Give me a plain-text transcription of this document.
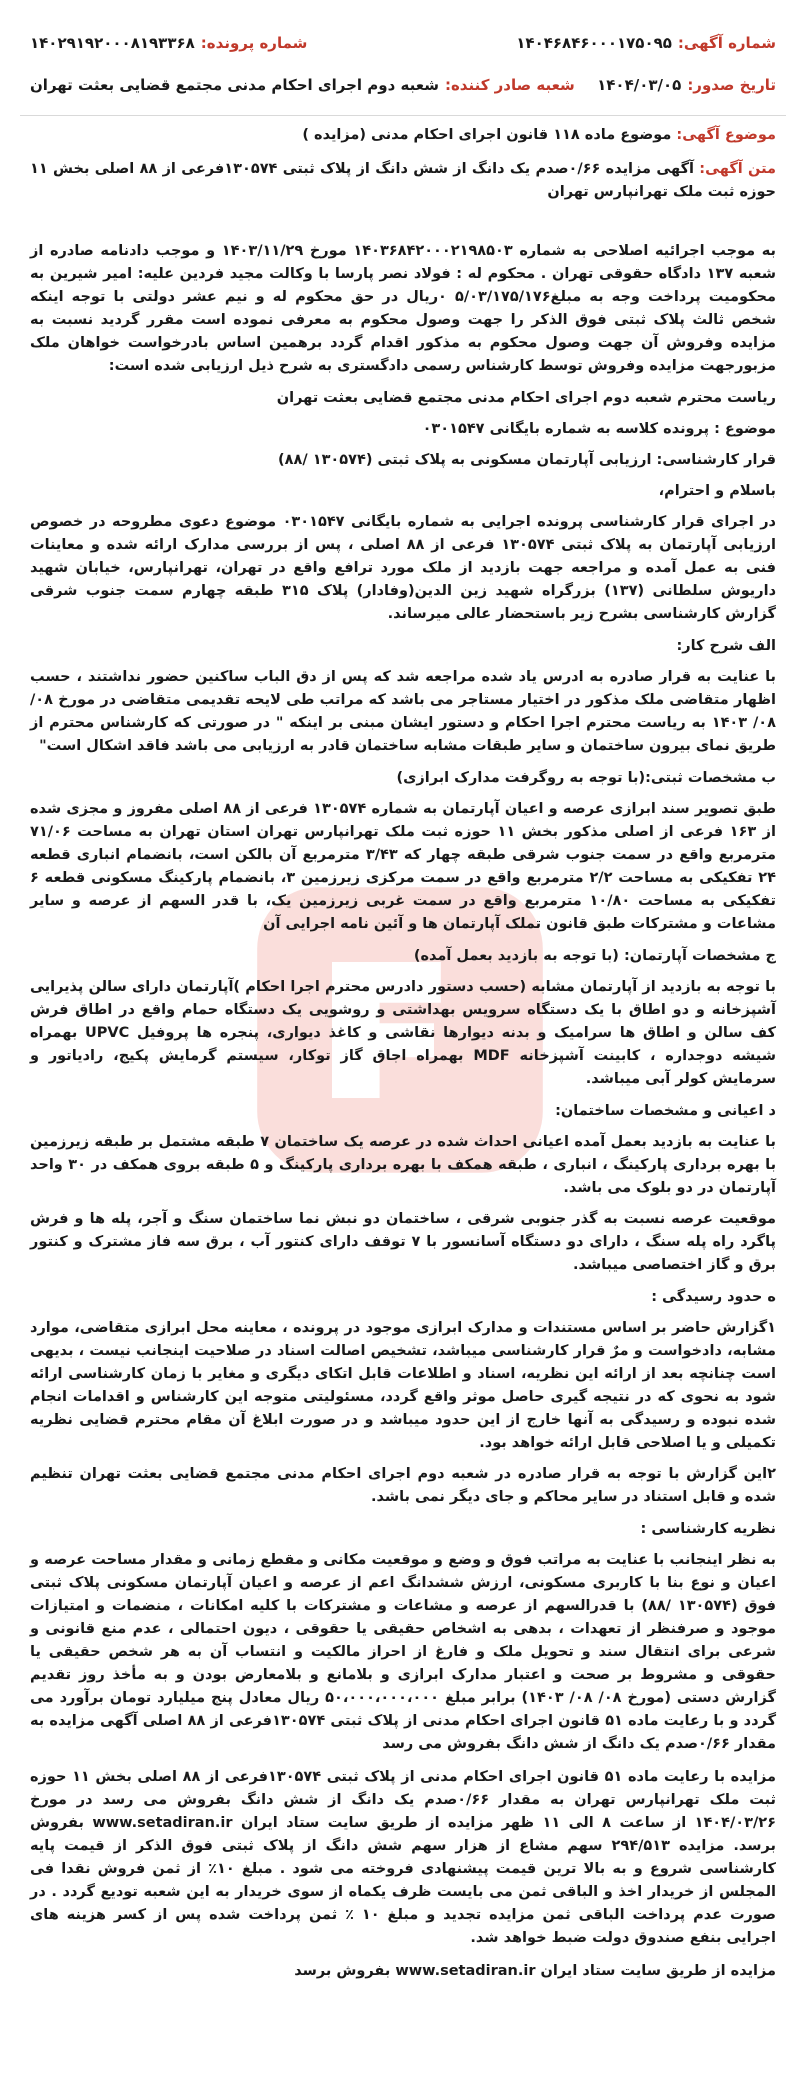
شماره آگهی:۱۴۰۴۶۸۴۶۰۰۰۱۷۵۰۹۵
شماره پرونده:۱۴۰۲۹۱۹۲۰۰۰۸۱۹۳۳۶۸
تاریخ صدور:۱۴۰۴/۰۳/۰۵
شعبه صادر کننده:شعبه دوم اجرای احکام مدنی مجتمع قضایی بعثت تهران
موضوع آگهی: موضوع ماده ۱۱۸ قانون اجرای احکام مدنی (مزایده )
متن آگهی: آگهی مزایده ۰/۶۶صدم یک دانگ از شش دانگ از پلاک ثبتی ۱۳۰۵۷۴فرعی از ۸۸ اصلی بخش ۱۱ حوزه ثبت ملک تهرانپارس تهران
به موجب اجرائیه اصلاحی به شماره ۱۴۰۳۶۸۴۲۰۰۰۲۱۹۸۵۰۳ مورخ ۱۴۰۳/۱۱/۲۹ و موجب دادنامه صادره از شعبه ۱۳۷ دادگاه حقوقی تهران . محکوم له : فولاد نصر پارسا با وکالت مجید فردین علیه: امیر شیرین به محکومیت پرداخت وجه به مبلغ۵/۰۳/۱۷۵/۱۷۶ ۰ریال در حق محکوم له و نیم عشر دولتی با توجه اینکه شخص ثالث پلاک ثبتی فوق الذکر را جهت وصول محکوم به معرفی نموده است مقرر گردید نسبت به مزایده وفروش آن جهت وصول محکوم به مذکور اقدام گردد برهمین اساس بادرخواست خواهان ملک مزبورجهت مزایده وفروش توسط کارشناس رسمی دادگستری به شرح ذیل ارزیابی شده است:
ریاست محترم شعبه دوم اجرای احکام مدنی مجتمع قضایی بعثت تهران
موضوع : پرونده کلاسه به شماره بایگانی ۰۳۰۱۵۴۷
قرار کارشناسی: ارزیابی آپارتمان مسکونی به پلاک ثبتی (۱۳۰۵۷۴ /۸۸)
باسلام و احترام،
در اجرای قرار کارشناسی پرونده اجرایی به شماره بایگانی ۰۳۰۱۵۴۷ موضوع دعوی مطروحه در خصوص ارزیابی آپارتمان به پلاک ثبتی ۱۳۰۵۷۴ فرعی از ۸۸ اصلی ، پس از بررسی مدارک ارائه شده و معاینات فنی به عمل آمده و مراجعه جهت بازدید از ملک مورد ترافع واقع در تهران، تهرانپارس، خیابان شهید داریوش سلطانی (۱۳۷) بزرگراه شهید زین الدین(وفادار) پلاک ۳۱۵ طبقه چهارم سمت جنوب شرقی گزارش کارشناسی بشرح زیر باستحضار عالی میرساند.
الف شرح کار:
با عنایت به قرار صادره به ادرس یاد شده مراجعه شد که پس از دق الباب ساکنین حضور نداشتند ، حسب اظهار متقاضی ملک مذکور در اختیار مستاجر می باشد که مراتب طی لایحه تقدیمی متقاضی در مورخ ۰۸/ ۰۸/ ۱۴۰۳ به ریاست محترم اجرا احکام و دستور ایشان مبنی بر اینکه " در صورتی که کارشناس محترم از طریق نمای بیرون ساختمان و سایر طبقات مشابه ساختمان قادر به ارزیابی می باشد فاقد اشکال است"
ب مشخصات ثبتی:(با توجه به روگرفت مدارک ابرازی)
طبق تصویر سند ابرازی عرصه و اعیان آپارتمان به شماره ۱۳۰۵۷۴ فرعی از ۸۸ اصلی مفروز و مجزی شده از ۱۶۳ فرعی از اصلی مذکور بخش ۱۱ حوزه ثبت ملک تهرانپارس تهران استان تهران به مساحت ۷۱/۰۶ مترمربع واقع در سمت جنوب شرقی طبقه چهار که ۳/۴۳ مترمربع آن بالکن است، بانضمام انباری قطعه ۲۴ تفکیکی به مساحت ۲/۲ مترمربع واقع در سمت مرکزی زیرزمین ۳، بانضمام پارکینگ مسکونی قطعه ۶ تفکیکی به مساحت ۱۰/۸۰ مترمربع واقع در سمت غربی زیرزمین یک، با قدر السهم از عرصه و سایر مشاعات و مشترکات طبق قانون تملک آپارتمان ها و آئین نامه اجرایی آن
ج مشخصات آپارتمان: (با توجه به بازدید بعمل آمده)
با توجه به بازدید از آپارتمان مشابه (حسب دستور دادرس محترم اجرا احکام )آپارتمان دارای سالن پذیرایی آشپزخانه و دو اطاق با یک دستگاه سرویس بهداشتی و روشویی یک دستگاه حمام واقع در اطاق فرش کف سالن و اطاق ها سرامیک و بدنه دیوارها نقاشی و کاغذ دیواری، پنجره ها پروفیل UPVC بهمراه شیشه دوجداره ، کابینت آشپزخانه MDF بهمراه اجاق گاز توکار، سیستم گرمایش پکیج، رادیاتور و سرمایش کولر آبی میباشد.
د اعیانی و مشخصات ساختمان:
با عنایت به بازدید بعمل آمده اعیانی احداث شده در عرصه یک ساختمان ۷ طبقه مشتمل بر طبقه زیرزمین با بهره برداری پارکینگ ، انباری ، طبقه همکف با بهره برداری پارکینگ و ۵ طبقه بروی همکف در ۳۰ واحد آپارتمان در دو بلوک می باشد.
موقعیت عرصه نسبت به گذر جنوبی شرقی ، ساختمان دو نبش نما ساختمان سنگ و آجر، پله ها و فرش پاگرد راه پله سنگ ، دارای دو دستگاه آسانسور با ۷ توقف دارای کنتور آب ، برق سه فاز مشترک و کنتور برق و گاز اختصاصی میباشد.
ه حدود رسیدگی :
۱گزارش حاضر بر اساس مستندات و مدارک ابرازی موجود در پرونده ، معاینه محل ابرازی متقاضی، موارد مشابه، دادخواست و مرٌ قرار کارشناسی میباشد، تشخیص اصالت اسناد در صلاحیت اینجانب نیست ، بدیهی است چنانچه بعد از ارائه این نظریه، اسناد و اطلاعات قابل اتکای دیگری و مغایر با زمان کارشناسی ارائه شود به نحوی که در نتیجه گیری حاصل موثر واقع گردد، مسئولیتی متوجه این کارشناس و اقدامات انجام شده نبوده و رسیدگی به آنها خارج از این حدود میباشد و در صورت ابلاغ آن مقام محترم قضایی نظریه تکمیلی و یا اصلاحی قابل ارائه خواهد بود.
۲این گزارش با توجه به قرار صادره در شعبه دوم اجرای احکام مدنی مجتمع قضایی بعثت تهران تنظیم شده و قابل استناد در سایر محاکم و جای دیگر نمی باشد.
نظریه کارشناسی :
به نظر اینجانب با عنایت به مراتب فوق و وضع و موقعیت مکانی و مقطع زمانی و مقدار مساحت عرصه و اعیان و نوع بنا با کاربری مسکونی، ارزش ششدانگ اعم از عرصه و اعیان آپارتمان مسکونی پلاک ثبتی فوق (۱۳۰۵۷۴ /۸۸) با قدرالسهم از عرصه و مشاعات و مشترکات با کلیه امکانات ، منضمات و امتیازات موجود و صرفنظر از تعهدات ، بدهی به اشخاص حقیقی یا حقوقی ، دیون احتمالی ، عدم منع قانونی و شرعی برای انتقال سند و تحویل ملک و فارغ از احراز مالکیت و انتساب آن به هر شخص حقیقی یا حقوقی و مشروط بر صحت و اعتبار مدارک ابرازی و بلامانع و بلامعارض بودن و به مأخذ روز تقدیم گزارش دستی (مورخ ۰۸/ ۰۸/ ۱۴۰۳) برابر مبلغ ۵۰،۰۰۰،۰۰۰،۰۰۰ ریال معادل پنج میلیارد تومان برآورد می گردد و با رعایت ماده ۵۱ قانون اجرای احکام مدنی از پلاک ثبتی ۱۳۰۵۷۴فرعی از ۸۸ اصلی آگهی مزایده به مقدار ۰/۶۶صدم یک دانگ از شش دانگ بفروش می رسد
مزایده با رعایت ماده ۵۱ قانون اجرای احکام مدنی از پلاک ثبتی ۱۳۰۵۷۴فرعی از ۸۸ اصلی بخش ۱۱ حوزه ثبت ملک تهرانپارس تهران به مقدار ۰/۶۶صدم یک دانگ از شش دانگ بفروش می رسد در مورخ ۱۴۰۴/۰۳/۲۶ از ساعت ۸ الی ۱۱ ظهر مزایده از طریق سایت ستاد ایران www.setadiran.ir بفروش برسد. مزایده ۲۹۴/۵۱۳ سهم مشاع از هزار سهم شش دانگ از پلاک ثبتی فوق الذکر از قیمت پایه کارشناسی شروع و به بالا ترین قیمت پیشنهادی فروخته می شود . مبلغ ۱۰٪ از ثمن فروش نقدا فی المجلس از خریدار اخذ و الباقی ثمن می بایست ظرف یکماه از سوی خریدار به این شعبه تودیع گردد . در صورت عدم پرداخت الباقی ثمن مزایده تجدید و مبلغ ۱۰ ٪ ثمن پرداخت شده پس از کسر هزینه های اجرایی بنفع صندوق دولت ضبط خواهد شد.
مزایده از طریق سایت ستاد ایران www.setadiran.ir بفروش برسد
